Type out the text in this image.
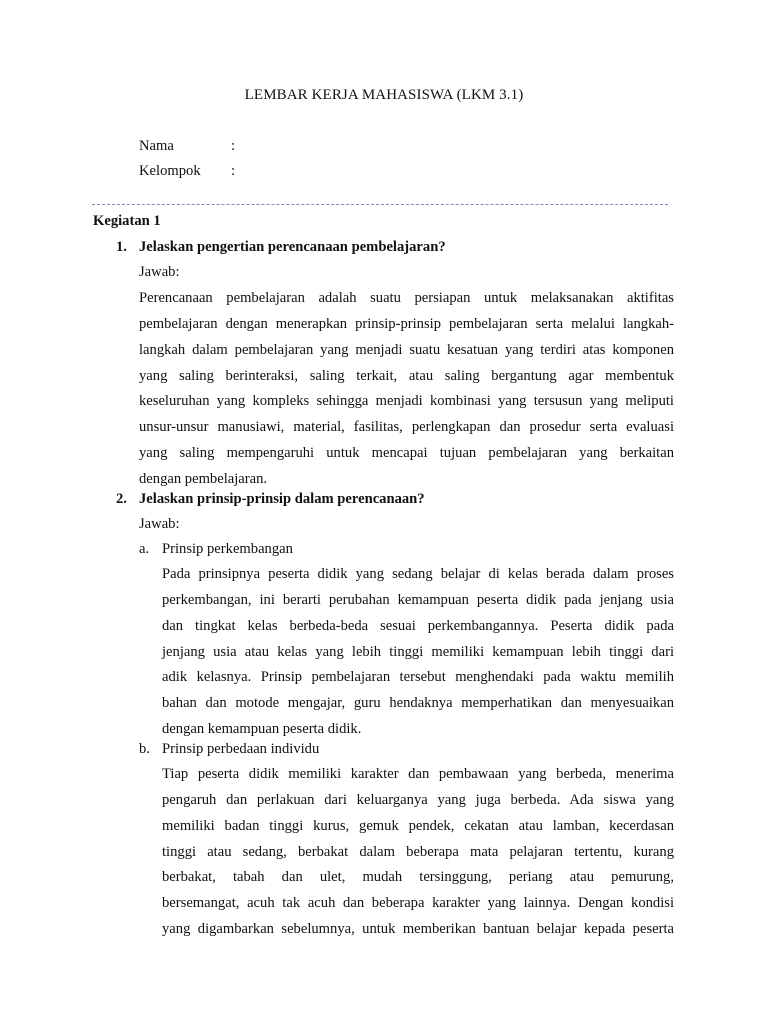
LEMBAR KERJA MAHASISWA (LKM 3.1)
Nama	:
Kelompok :
Kegiatan 1
1. Jelaskan pengertian perencanaan pembelajaran?
Jawab:
Perencanaan pembelajaran adalah suatu persiapan untuk melaksanakan aktifitas
pembelajaran dengan menerapkan prinsip-prinsip pembelajaran serta melalui langkah-
langkah dalam pembelajaran yang menjadi suatu kesatuan yang terdiri atas komponen
yang saling berinteraksi, saling terkait, atau saling bergantung agar membentuk
keseluruhan yang kompleks sehingga menjadi kombinasi yang tersusun yang meliputi
unsur-unsur manusiawi, material, fasilitas, perlengkapan dan prosedur serta evaluasi
yang saling mempengaruhi untuk mencapai tujuan pembelajaran yang berkaitan
dengan pembelajaran.
2. Jelaskan prinsip-prinsip dalam perencanaan?
Jawab:
a. Prinsip perkembangan
Pada prinsipnya peserta didik yang sedang belajar di kelas berada dalam proses
perkembangan, ini berarti perubahan kemampuan peserta didik pada jenjang usia
dan tingkat kelas berbeda-beda sesuai perkembangannya. Peserta didik pada
jenjang usia atau kelas yang lebih tinggi memiliki kemampuan lebih tinggi dari
adik kelasnya. Prinsip pembelajaran tersebut menghendaki pada waktu memilih
bahan dan motode mengajar, guru hendaknya memperhatikan dan menyesuaikan
dengan kemampuan peserta didik.
b. Prinsip perbedaan individu
Tiap peserta didik memiliki karakter dan pembawaan yang berbeda, menerima
pengaruh dan perlakuan dari keluarganya yang juga berbeda. Ada siswa yang
memiliki badan tinggi kurus, gemuk pendek, cekatan atau lamban, kecerdasan
tinggi atau sedang, berbakat dalam beberapa mata pelajaran tertentu, kurang
berbakat, tabah dan ulet, mudah tersinggung, periang atau pemurung,
bersemangat, acuh tak acuh dan beberapa karakter yang lainnya. Dengan kondisi
yang digambarkan sebelumnya, untuk memberikan bantuan belajar kepada peserta
